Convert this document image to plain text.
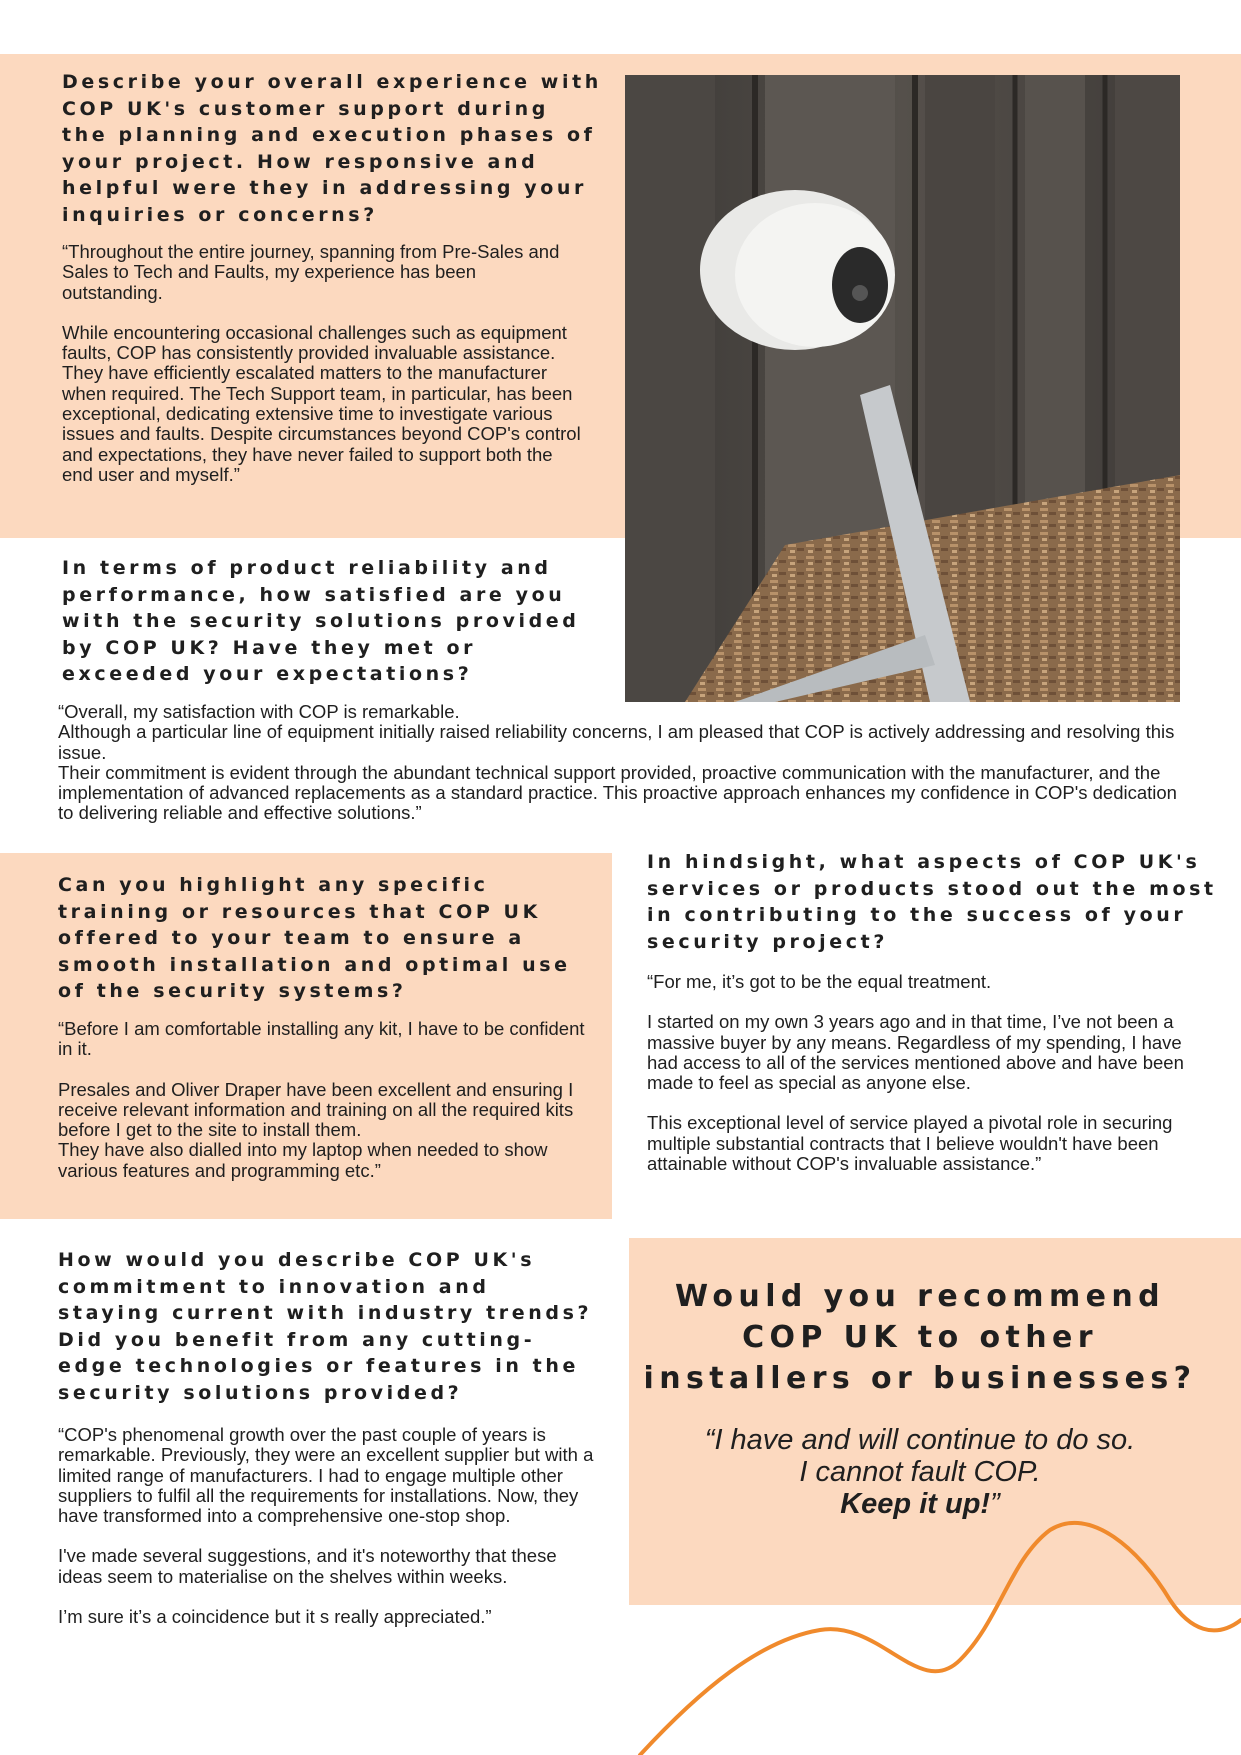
Describe your overall experience with COP UK's customer support during the planning and execution phases of your project. How responsive and helpful were they in addressing your inquiries or concerns?

“Throughout the entire journey, spanning from Pre-Sales and Sales to Tech and Faults, my experience has been outstanding.

While encountering occasional challenges such as equipment faults, COP has consistently provided invaluable assistance. They have efficiently escalated matters to the manufacturer when required. The Tech Support team, in particular, has been exceptional, dedicating extensive time to investigate various issues and faults. Despite circumstances beyond COP's control and expectations, they have never failed to support both the end user and myself.”

In terms of product reliability and performance, how satisfied are you with the security solutions provided by COP UK? Have they met or exceeded your expectations?

“Overall, my satisfaction with COP is remarkable.

Although a particular line of equipment initially raised reliability concerns, I am pleased that COP is actively addressing and resolving this issue.

Their commitment is evident through the abundant technical support provided, proactive communication with the manufacturer, and the implementation of advanced replacements as a standard practice. This proactive approach enhances my confidence in COP's dedication to delivering reliable and effective solutions.”

Can you highlight any specific training or resources that COP UK offered to your team to ensure a smooth installation and optimal use of the security systems?

“Before I am comfortable installing any kit, I have to be confident in it.

Presales and Oliver Draper have been excellent and ensuring I receive relevant information and training on all the required kits before I get to the site to install them.

They have also dialled into my laptop when needed to show various features and programming etc.”

In hindsight, what aspects of COP UK's services or products stood out the most in contributing to the success of your security project?

“For me, it’s got to be the equal treatment.

I started on my own 3 years ago and in that time, I’ve not been a massive buyer by any means. Regardless of my spending, I have had access to all of the services mentioned above and have been made to feel as special as anyone else.

This exceptional level of service played a pivotal role in securing multiple substantial contracts that I believe wouldn't have been attainable without COP's invaluable assistance.”

How would you describe COP UK's commitment to innovation and staying current with industry trends? Did you benefit from any cutting-edge technologies or features in the security solutions provided?

“COP's phenomenal growth over the past couple of years is remarkable. Previously, they were an excellent supplier but with a limited range of manufacturers. I had to engage multiple other suppliers to fulfil all the requirements for installations. Now, they have transformed into a comprehensive one-stop shop.

I've made several suggestions, and it's noteworthy that these ideas seem to materialise on the shelves within weeks.

I’m sure it’s a coincidence but it s really appreciated.”

Would you recommend COP UK to other installers or businesses?
“I have and will continue to do so.
I cannot fault COP.
Keep it up!”
